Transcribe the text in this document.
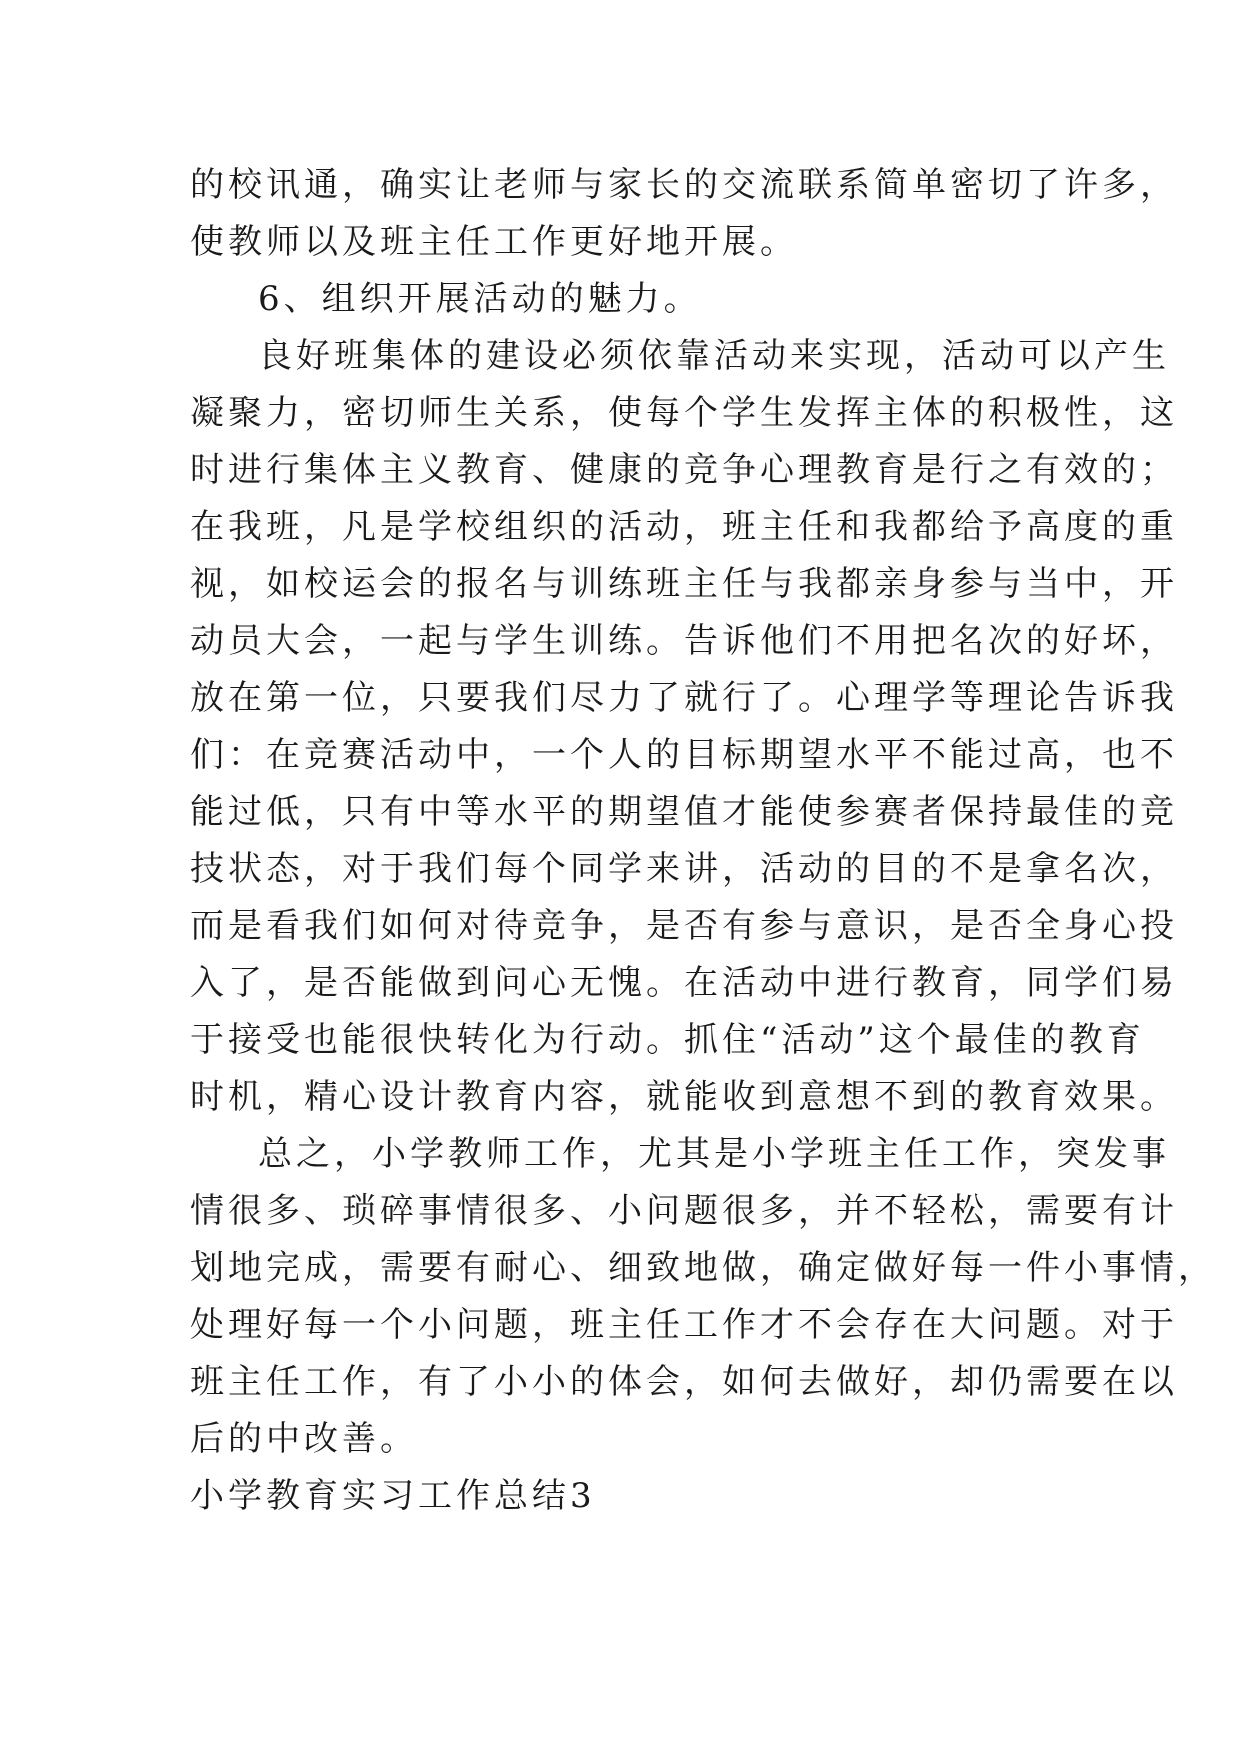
的校讯通，确实让老师与家长的交流联系简单密切了许多，
使教师以及班主任工作更好地开展。
6、组织开展活动的魅力。
良好班集体的建设必须依靠活动来实现，活动可以产生
凝聚力，密切师生关系，使每个学生发挥主体的积极性，这
时进行集体主义教育、健康的竞争心理教育是行之有效的；
在我班，凡是学校组织的活动，班主任和我都给予高度的重
视，如校运会的报名与训练班主任与我都亲身参与当中，开
动员大会，一起与学生训练。告诉他们不用把名次的好坏，
放在第一位，只要我们尽力了就行了。心理学等理论告诉我
们：在竞赛活动中，一个人的目标期望水平不能过高，也不
能过低，只有中等水平的期望值才能使参赛者保持最佳的竞
技状态，对于我们每个同学来讲，活动的目的不是拿名次，
而是看我们如何对待竞争，是否有参与意识，是否全身心投
入了，是否能做到问心无愧。在活动中进行教育，同学们易
于接受也能很快转化为行动。抓住“活动”这个最佳的教育
时机，精心设计教育内容，就能收到意想不到的教育效果。
总之，小学教师工作，尤其是小学班主任工作，突发事
情很多、琐碎事情很多、小问题很多，并不轻松，需要有计
划地完成，需要有耐心、细致地做，确定做好每一件小事情，
处理好每一个小问题，班主任工作才不会存在大问题。对于
班主任工作，有了小小的体会，如何去做好，却仍需要在以
后的中改善。
小学教育实习工作总结3
